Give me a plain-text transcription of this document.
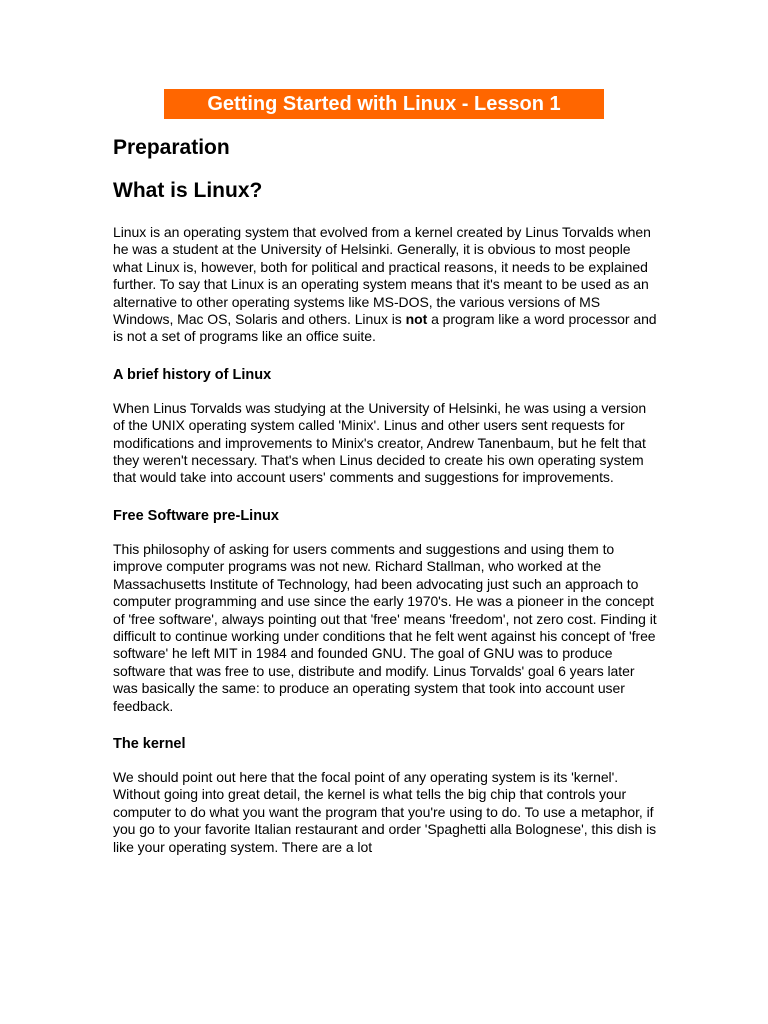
Getting Started with Linux - Lesson 1
Preparation
What is Linux?

Linux is an operating system that evolved from a kernel created by Linus Torvalds when he was a student at the University of Helsinki. Generally, it is obvious to most people what Linux is, however, both for political and practical reasons, it needs to be explained further. To say that Linux is an operating system means that it's meant to be used as an alternative to other operating systems like MS-DOS, the various versions of MS Windows, Mac OS, Solaris and others. Linux is not a program like a word processor and is not a set of programs like an office suite.

A brief history of Linux

When Linus Torvalds was studying at the University of Helsinki, he was using a version of the UNIX operating system called 'Minix'. Linus and other users sent requests for modifications and improvements to Minix's creator, Andrew Tanenbaum, but he felt that they weren't necessary. That's when Linus decided to create his own operating system that would take into account users' comments and suggestions for improvements.

Free Software pre-Linux

This philosophy of asking for users comments and suggestions and using them to improve computer programs was not new. Richard Stallman, who worked at the Massachusetts Institute of Technology, had been advocating just such an approach to computer programming and use since the early 1970's. He was a pioneer in the concept of 'free software', always pointing out that 'free' means 'freedom', not zero cost. Finding it difficult to continue working under conditions that he felt went against his concept of 'free software' he left MIT in 1984 and founded GNU. The goal of GNU was to produce software that was free to use, distribute and modify. Linus Torvalds' goal 6 years later was basically the same: to produce an operating system that took into account user feedback.

The kernel

We should point out here that the focal point of any operating system is its 'kernel'. Without going into great detail, the kernel is what tells the big chip that controls your computer to do what you want the program that you're using to do. To use a metaphor, if you go to your favorite Italian restaurant and order 'Spaghetti alla Bolognese', this dish is like your operating system. There are a lot
